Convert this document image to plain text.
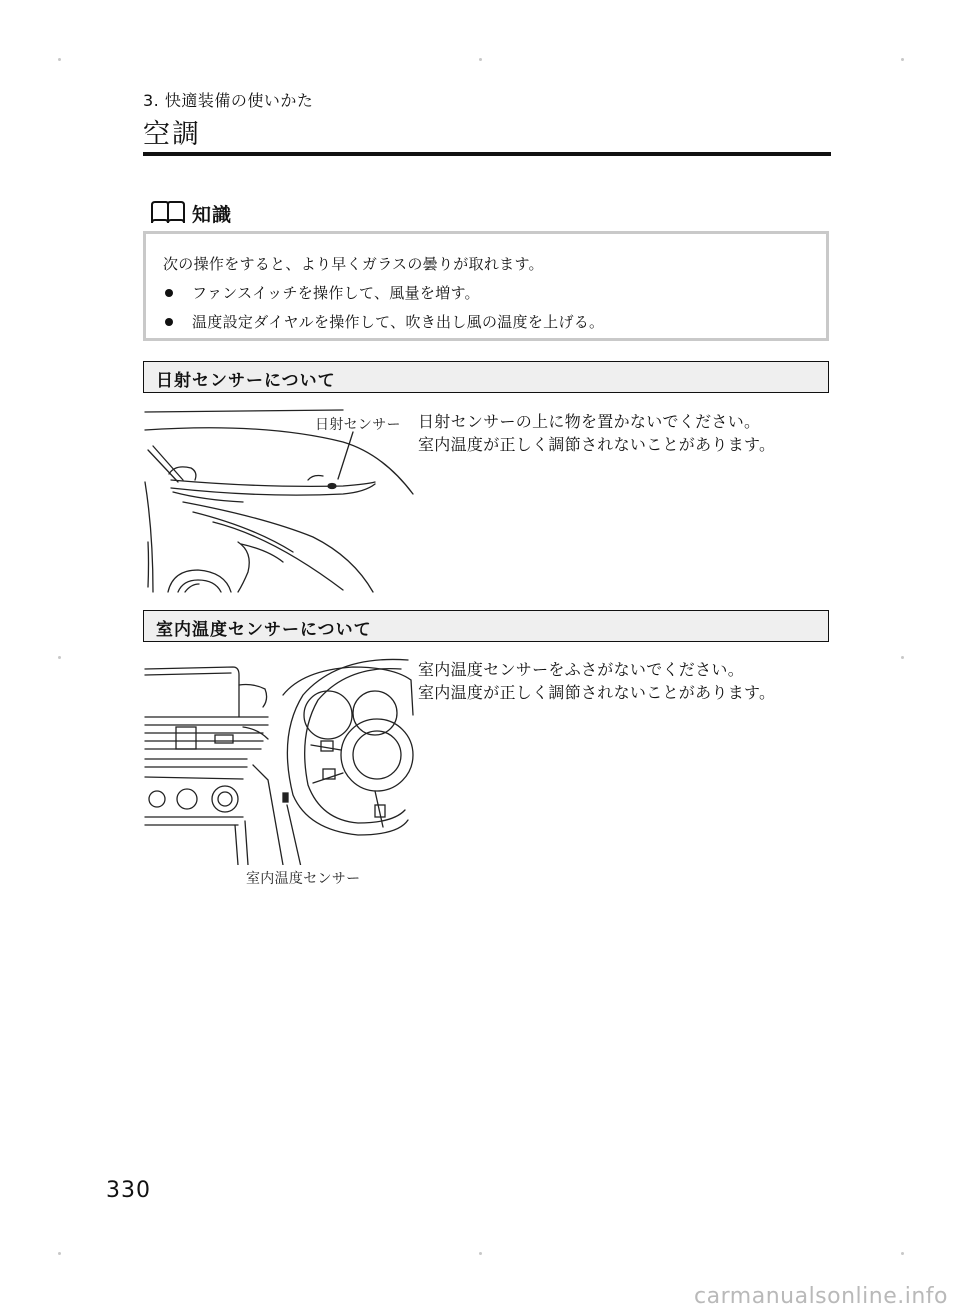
3. 快適装備の使いかた
空調
知識
次の操作をすると、より早くガラスの曇りが取れます。
ファンスイッチを操作して、風量を増す。
温度設定ダイヤルを操作して、吹き出し風の温度を上げる。
日射センサーについて
日射センサー 日射センサーの上に物を置かないでください。
室内温度が正しく調節されないことがあります。
室内温度センサーについて
室内温度センサー
室内温度センサーをふさがないでください。
室内温度が正しく調節されないことがあります。
330
carmanualsonline.info
